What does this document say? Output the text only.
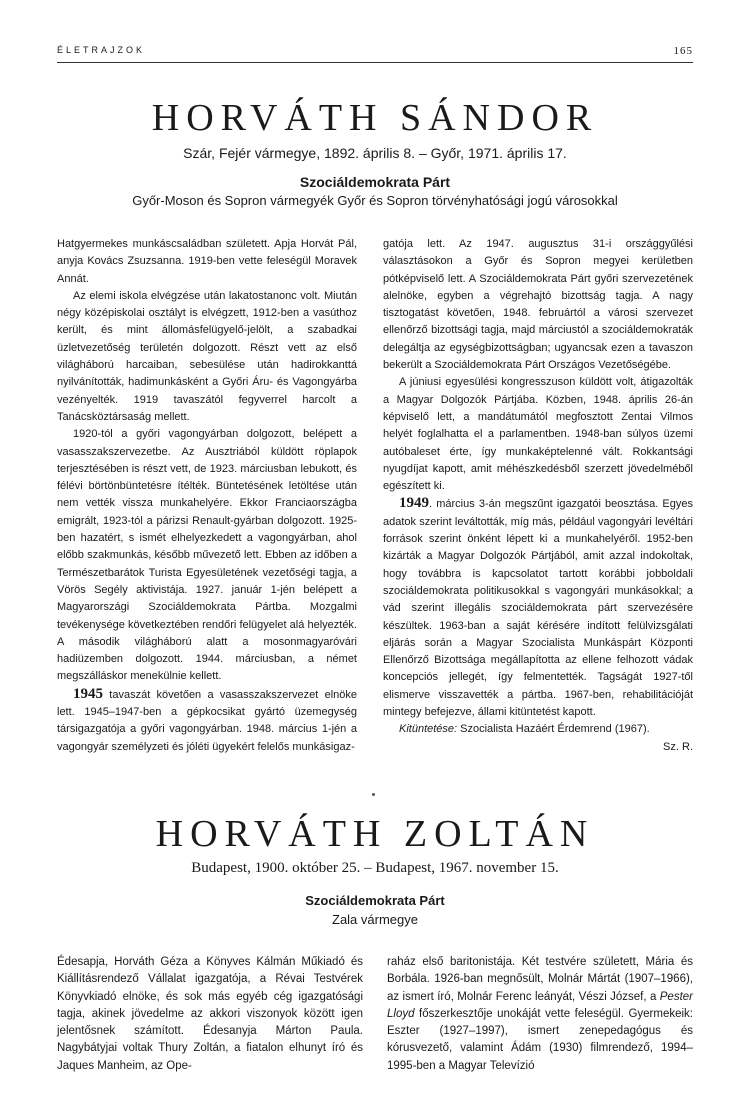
ÉLETRAJZOK	165
HORVÁTH SÁNDOR
Szár, Fejér vármegye, 1892. április 8. – Győr, 1971. április 17.
Szociáldemokrata Párt
Győr-Moson és Sopron vármegyék Győr és Sopron törvényhatósági jogú városokkal

Hatgyermekes munkáscsaládban született. Apja Horvát Pál, anyja Kovács Zsuzsanna. 1919-ben vette feleségül Moravek Annát.

Az elemi iskola elvégzése után lakatostanonc volt. Miután négy középiskolai osztályt is elvégzett, 1912-ben a vasúthoz került, és mint állomásfelügyelő-jelölt, a szabadkai üzletvezetőség területén dolgozott. Részt vett az első világháború harcaiban, sebesülése után hadirokkanttá nyilvánították, hadimunkásként a Győri Áru- és Vagongyárba vezényelték. 1919 tavaszától fegyverrel harcolt a Tanácsköztársaság mellett.

1920-tól a győri vagongyárban dolgozott, belépett a vasasszakszervezetbe. Az Ausztriából küldött röplapok terjesztésében is részt vett, de 1923. márciusban lebukott, és félévi börtönbüntetésre ítélték. Büntetésének letöltése után nem vették vissza munkahelyére. Ekkor Franciaországba emigrált, 1923-tól a párizsi Renault-gyárban dolgozott. 1925-ben hazatért, s ismét elhelyezkedett a vagongyárban, ahol előbb szakmunkás, később művezető lett. Ebben az időben a Természetbarátok Turista Egyesületének vezetőségi tagja, a Vörös Segély aktivistája. 1927. január 1-jén belépett a Magyarországi Szociáldemokrata Pártba. Mozgalmi tevékenysége következtében rendőri felügyelet alá helyezték. A második világháború alatt a mosonmagyaróvári hadiüzemben dolgozott. 1944. márciusban, a német megszálláskor menekülnie kellett.

1945 tavaszát követően a vasasszakszervezet elnöke lett. 1945–1947-ben a gépkocsikat gyártó üzemegység társigazgatója a győri vagongyárban. 1948. március 1-jén a vagongyár személyzeti és jóléti ügyekért felelős munkásigaz-

gatója lett. Az 1947. augusztus 31-i országgyűlési választásokon a Győr és Sopron megyei kerületben pótképviselő lett. A Szociáldemokrata Párt győri szervezetének alelnöke, egyben a végrehajtó bizottság tagja. A nagy tisztogatást követően, 1948. februártól a városi szervezet ellenőrző bizottsági tagja, majd márciustól a szociáldemokraták delegáltja az egységbizottságban; ugyancsak ezen a tavaszon bekerült a Szociáldemokrata Párt Országos Vezetőségébe.

A júniusi egyesülési kongresszuson küldött volt, átigazolták a Magyar Dolgozók Pártjába. Közben, 1948. április 26-án képviselő lett, a mandátumától megfosztott Zentai Vilmos helyét foglalhatta el a parlamentben. 1948-ban súlyos üzemi autóbaleset érte, így munkaképtelenné vált. Rokkantsági nyugdíjat kapott, amit méhészkedésből szerzett jövedelméből egészített ki.

1949. március 3-án megszűnt igazgatói beosztása. Egyes adatok szerint leváltották, míg más, például vagongyári levéltári források szerint önként lépett ki a munkahelyéről. 1952-ben kizárták a Magyar Dolgozók Pártjából, amit azzal indokoltak, hogy továbbra is kapcsolatot tartott korábbi jobboldali szociáldemokrata politikusokkal s vagongyári munkásokkal; a vád szerint illegális szociáldemokrata párt szervezésére készültek. 1963-ban a saját kérésére indított felülvizsgálati eljárás során a Magyar Szocialista Munkáspárt Központi Ellenőrző Bizottsága megállapította az ellene felhozott vádak koncepciós jellegét, így felmentették. Tagságát 1927-től elismerve visszavették a pártba. 1967-ben, rehabilitációját mintegy befejezve, állami kitüntetést kapott.

Kitüntetése: Szocialista Hazáért Érdemrend (1967).

Sz. R.

HORVÁTH ZOLTÁN
Budapest, 1900. október 25. – Budapest, 1967. november 15.
Szociáldemokrata Párt
Zala vármegye

Édesapja, Horváth Géza a Könyves Kálmán Műkiadó és Kiállításrendező Vállalat igazgatója, a Révai Testvérek Könyvkiadó elnöke, és sok más egyéb cég igazgatósági tagja, akinek jövedelme az akkori viszonyok között igen jelentősnek számított. Édesanyja Márton Paula. Nagybátyjai voltak Thury Zoltán, a fiatalon elhunyt író és Jaques Manheim, az Ope-

raház első baritonistája. Két testvére született, Mária és Borbála. 1926-ban megnősült, Molnár Mártát (1907–1966), az ismert író, Molnár Ferenc leányát, Vészi József, a Pester Lloyd főszerkesztője unokáját vette feleségül. Gyermekeik: Eszter (1927–1997), ismert zenepedagógus és kórusvezető, valamint Ádám (1930) filmrendező, 1994–1995-ben a Magyar Televízió
